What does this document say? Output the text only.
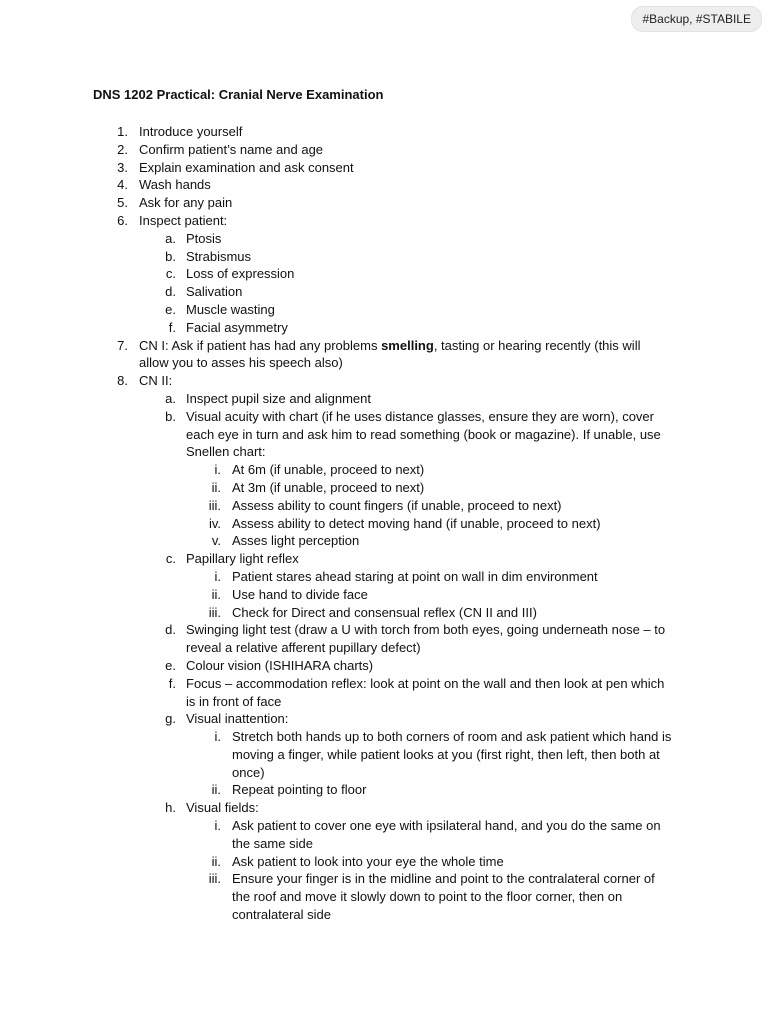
#Backup, #STABILE
DNS 1202 Practical: Cranial Nerve Examination
1. Introduce yourself
2. Confirm patient’s name and age
3. Explain examination and ask consent
4. Wash hands
5. Ask for any pain
6. Inspect patient:
a. Ptosis
b. Strabismus
c. Loss of expression
d. Salivation
e. Muscle wasting
f. Facial asymmetry
7. CN I: Ask if patient has had any problems smelling, tasting or hearing recently (this will allow you to asses his speech also)
8. CN II:
a. Inspect pupil size and alignment
b. Visual acuity with chart (if he uses distance glasses, ensure they are worn), cover each eye in turn and ask him to read something (book or magazine). If unable, use Snellen chart:
i. At 6m (if unable, proceed to next)
ii. At 3m (if unable, proceed to next)
iii. Assess ability to count fingers (if unable, proceed to next)
iv. Assess ability to detect moving hand (if unable, proceed to next)
v. Asses light perception
c. Papillary light reflex
i. Patient stares ahead staring at point on wall in dim environment
ii. Use hand to divide face
iii. Check for Direct and consensual reflex (CN II and III)
d. Swinging light test (draw a U with torch from both eyes, going underneath nose – to reveal a relative afferent pupillary defect)
e. Colour vision (ISHIHARA charts)
f. Focus – accommodation reflex: look at point on the wall and then look at pen which is in front of face
g. Visual inattention:
i. Stretch both hands up to both corners of room and ask patient which hand is moving a finger, while patient looks at you (first right, then left, then both at once)
ii. Repeat pointing to floor
h. Visual fields:
i. Ask patient to cover one eye with ipsilateral hand, and you do the same on the same side
ii. Ask patient to look into your eye the whole time
iii. Ensure your finger is in the midline and point to the contralateral corner of the roof and move it slowly down to point to the floor corner, then on contralateral side
